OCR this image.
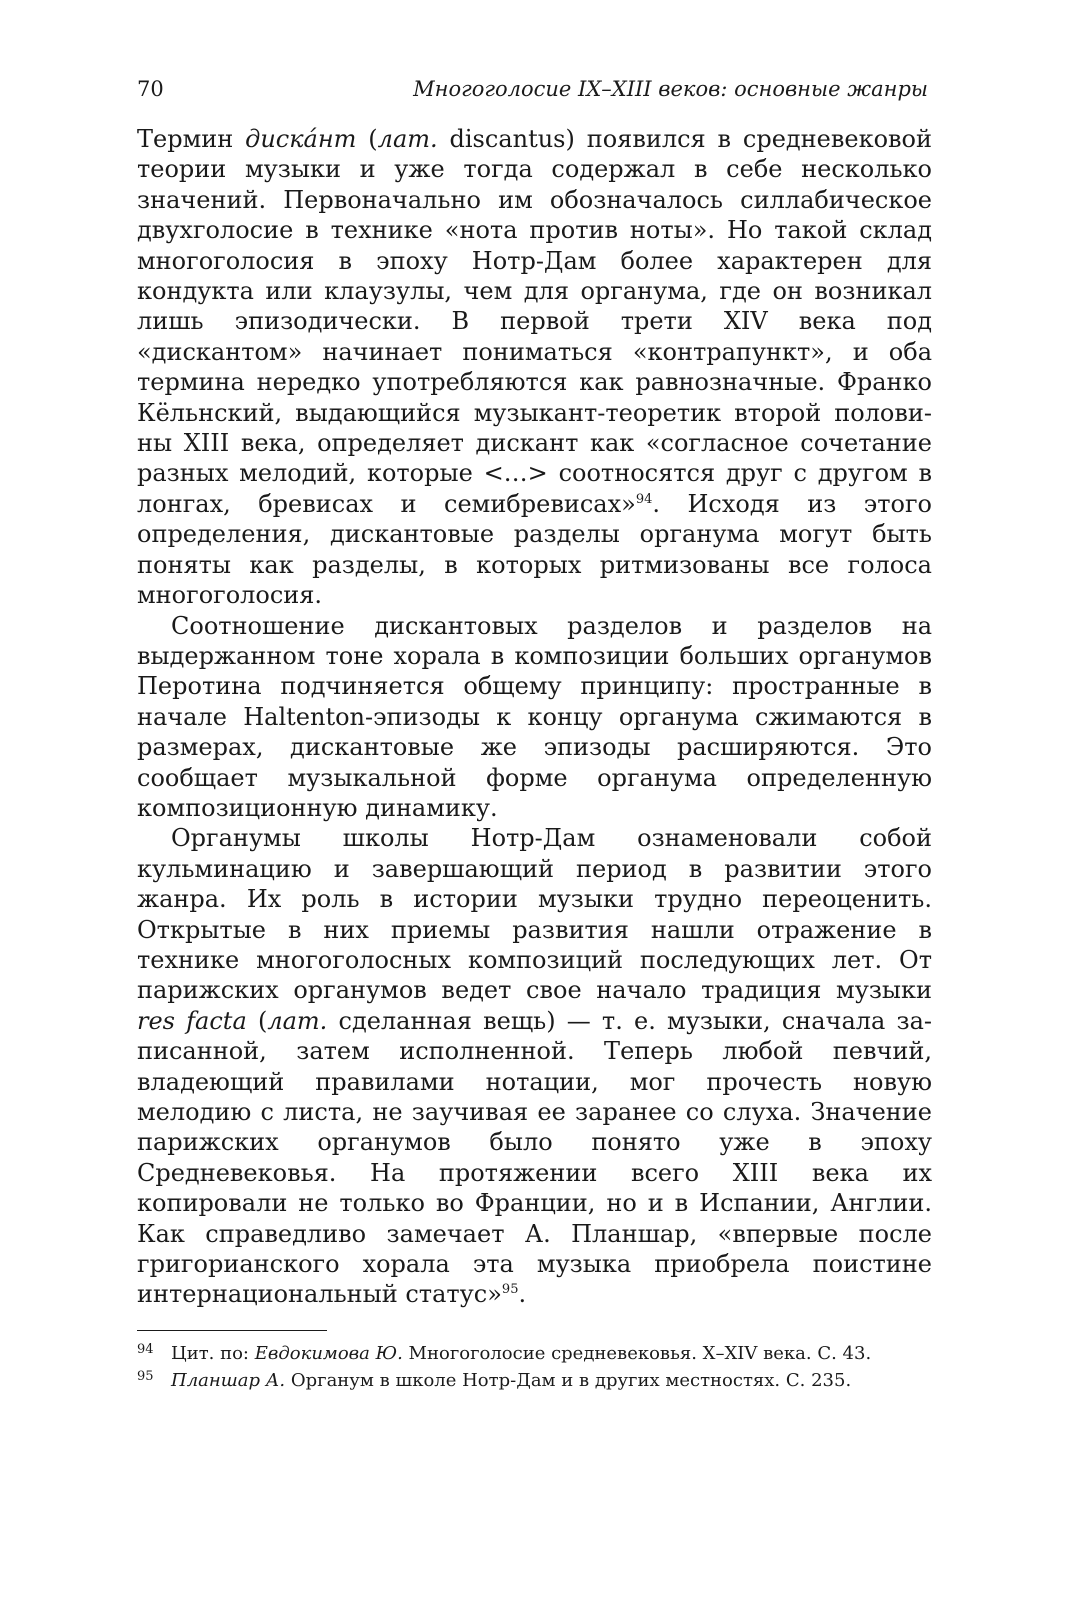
70	Многоголосие IX–XIII веков: основные жанры

Термин дискáнт (лат. discantus) появился в средневековой теории музыки и уже тогда содержал в себе несколько значений. Первоначально им обозначалось силлабическое двухголосие в технике «нота против ноты». Но такой склад многоголосия в эпоху Нотр-Дам более характерен для кондукта или клаузулы, чем для органума, где он возникал лишь эпизодически. В первой трети XIV века под «дискантом» начинает пониматься «контрапункт», и оба термина нередко употребляются как равнозначные. Франко Кёльнский, выдающийся музыкант-теоретик второй половины XIII века, определяет дискант как «согласное сочетание разных мелодий, которые <…> соотносятся друг с другом в лонгах, бревисах и семибревисах»$^{94}$. Исходя из этого определения, дискантовые разделы органума могут быть поняты как разделы, в которых ритмизованы все голоса многоголосия.

Соотношение дискантовых разделов и разделов на выдержанном тоне хорала в композиции больших органумов Перотина подчиняется общему принципу: пространные в начале Haltenton-эпизоды к концу органума сжимаются в размерах, дискантовые же эпизоды расширяются. Это сообщает музыкальной форме органума определенную композиционную динамику.

Органумы школы Нотр-Дам ознаменовали собой кульминацию и завершающий период в развитии этого жанра. Их роль в истории музыки трудно переоценить. Открытые в них приемы развития нашли отражение в технике многоголосных композиций последующих лет. От парижских органумов ведет свое начало традиция музыки res facta (лат. сделанная вещь) — т. е. музыки, сначала записанной, затем исполненной. Теперь любой певчий, владеющий правилами нотации, мог прочесть новую мелодию с листа, не заучивая ее заранее со слуха. Значение парижских органумов было понято уже в эпоху Средневековья. На протяжении всего XIII века их копировали не только во Франции, но и в Испании, Англии. Как справедливо замечает А. Планшар, «впервые после григорианского хорала эта музыка приобрела поистине интернациональный статус»$^{95}$.

94 Цит. по: Евдокимова Ю. Многоголосие средневековья. X–XIV века. С. 43.
95 Планшар А. Органум в школе Нотр-Дам и в других местностях. С. 235.
